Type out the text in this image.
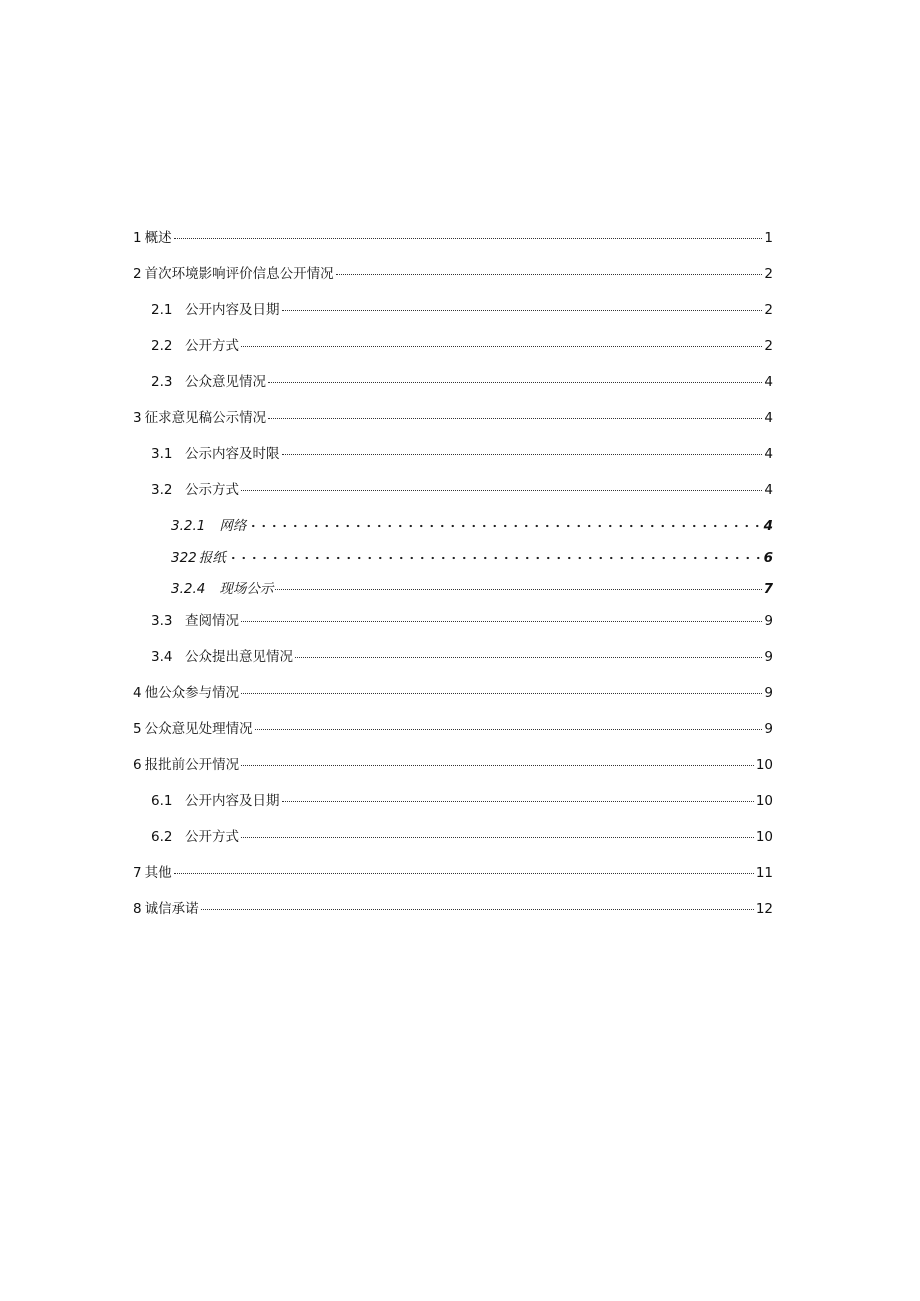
1 概述	1
2 首次环境影响评价信息公开情况	2
2.1 公开内容及日期	2
2.2 公开方式	2
2.3 公众意见情况	4
3 征求意见稿公示情况	4
3.1 公示内容及时限	4
3.2 公示方式	4
3.2.1 网络	4
322 报纸	6
3.2.4 现场公示	7
3.3 查阅情况	9
3.4 公众提出意见情况	9
4 他公众参与情况	9
5 公众意见处理情况	9
6 报批前公开情况	10
6.1 公开内容及日期	10
6.2 公开方式	10
7 其他	11
8 诚信承诺	12
